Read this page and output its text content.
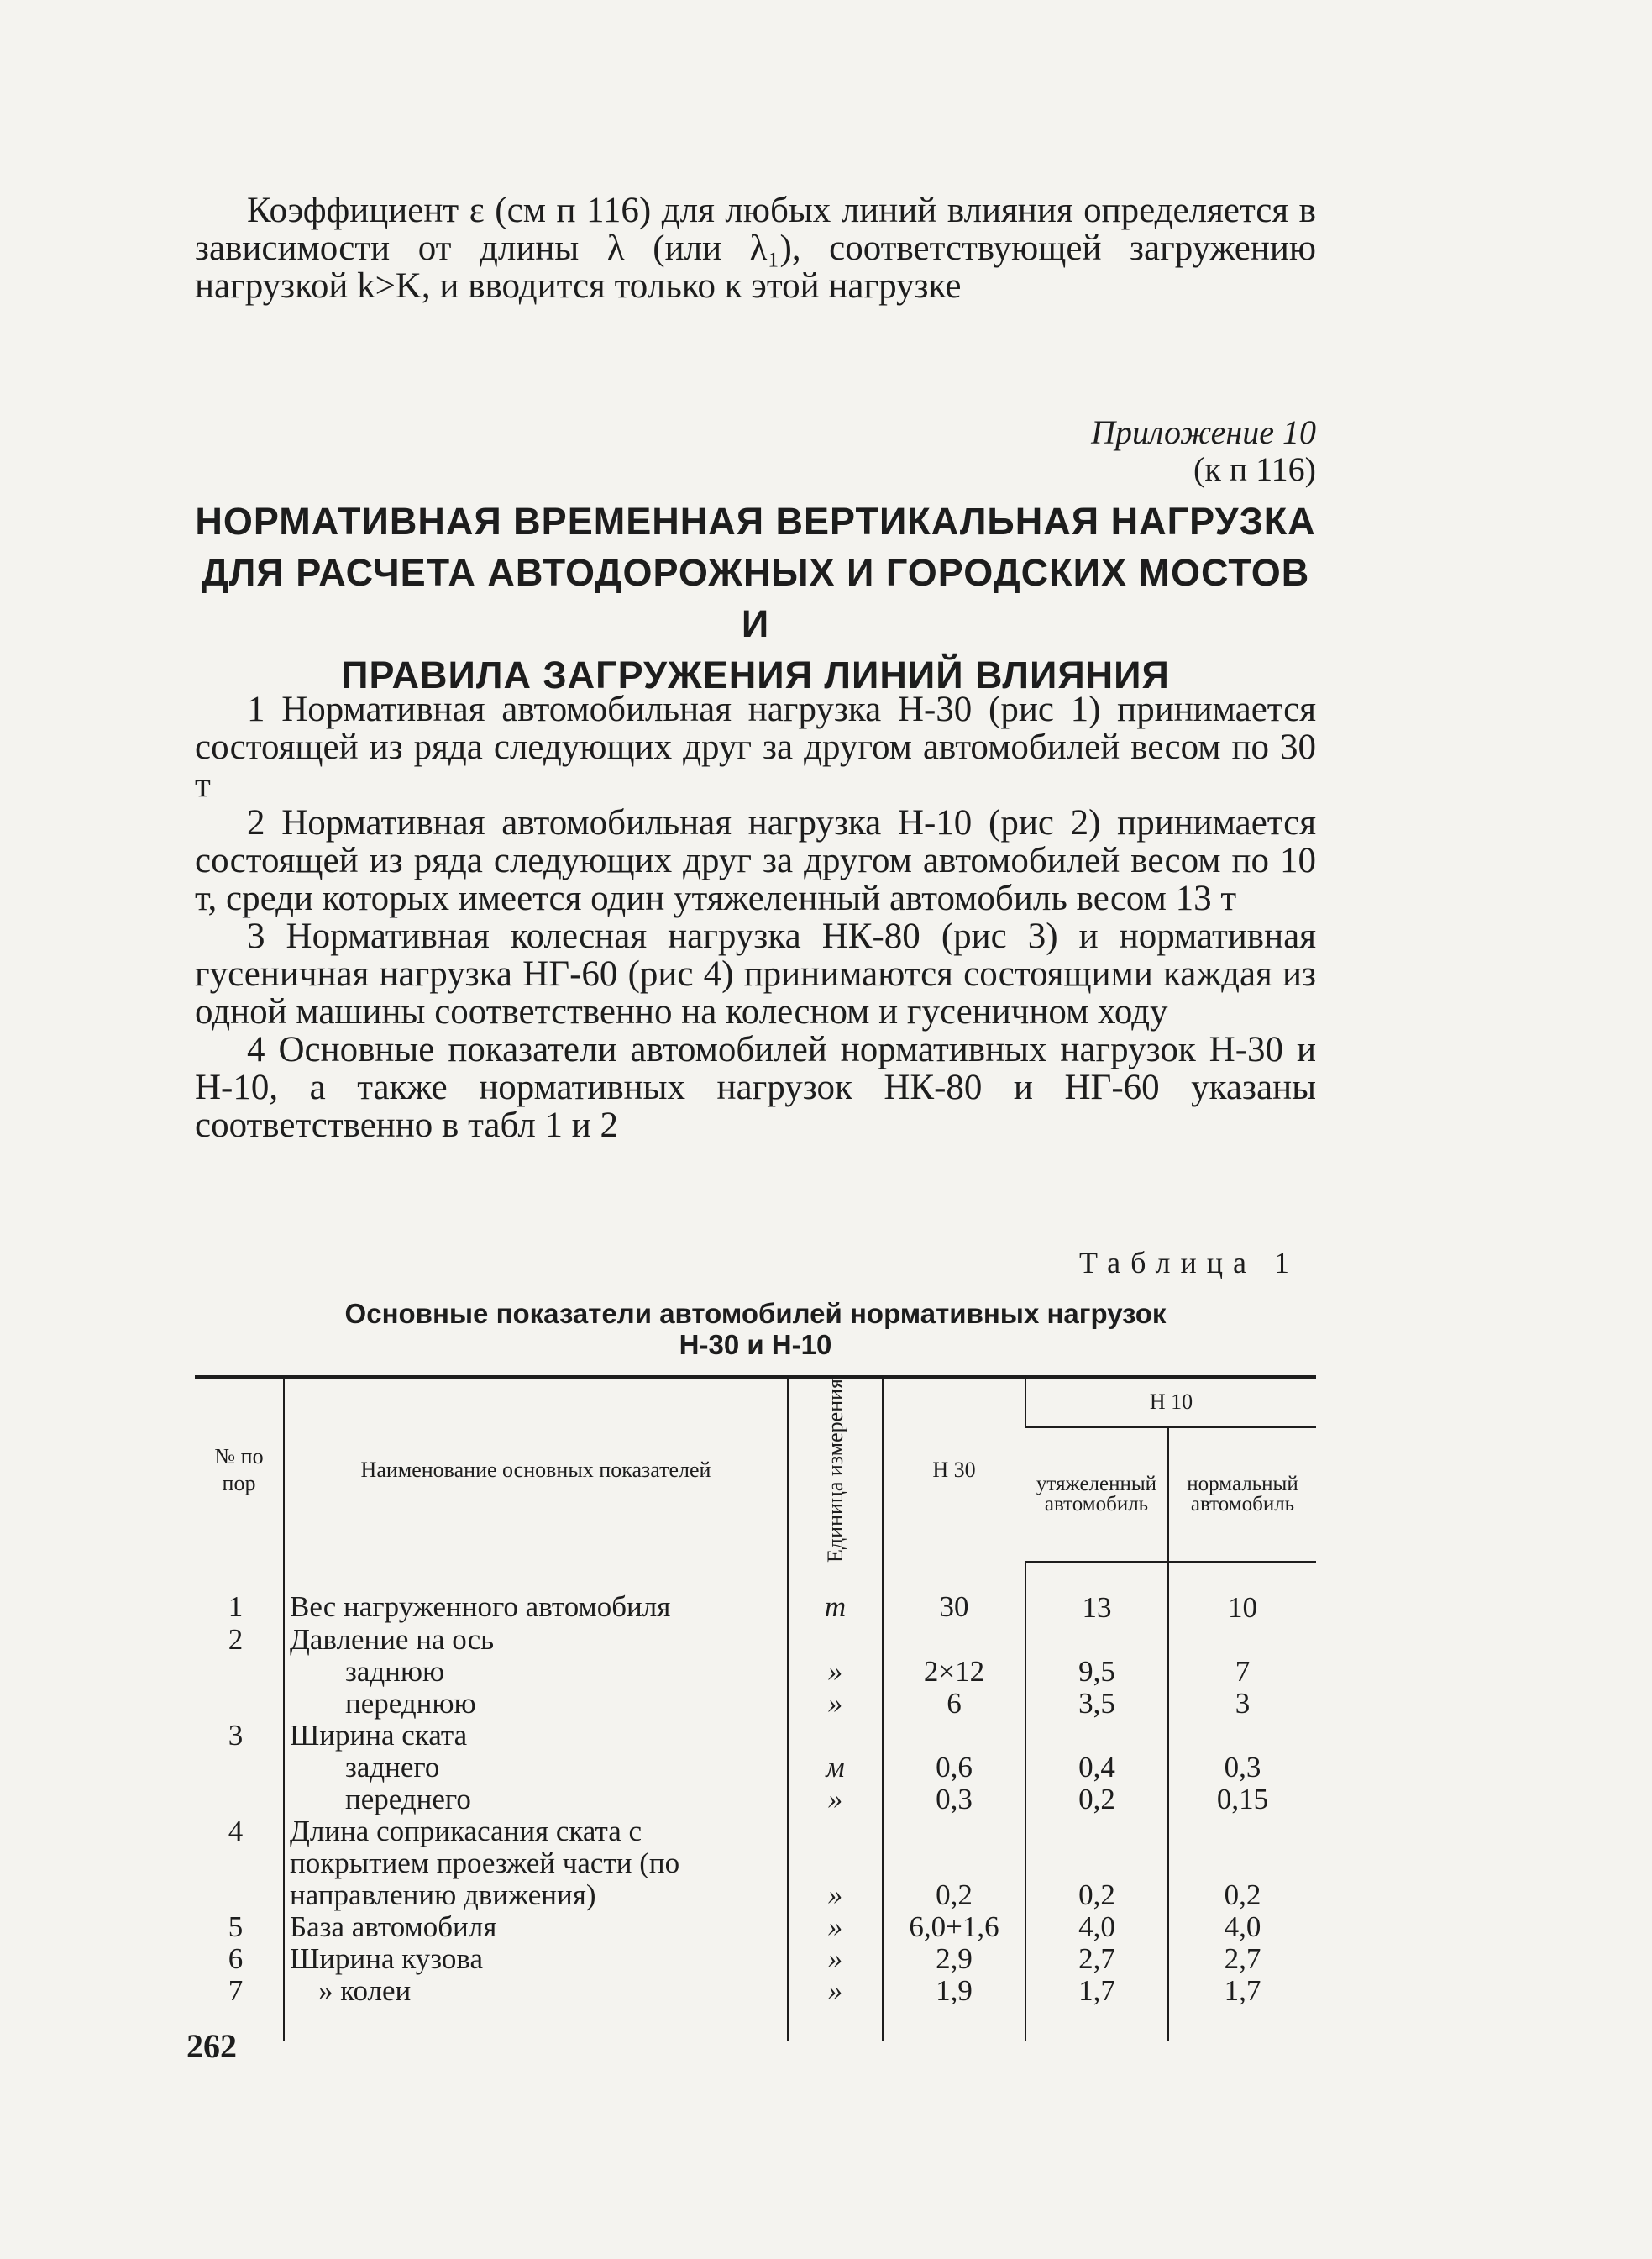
Коэффициент ε (см п 116) для любых линий влияния определяется в зависимости от длины λ (или λ₁), соответствующей загружению нагрузкой k>K, и вводится только к этой нагрузке

Приложение 10
(к п 116)
НОРМАТИВНАЯ ВРЕМЕННАЯ ВЕРТИКАЛЬНАЯ НАГРУЗКА
ДЛЯ РАСЧЕТА АВТОДОРОЖНЫХ И ГОРОДСКИХ МОСТОВ И
ПРАВИЛА ЗАГРУЖЕНИЯ ЛИНИЙ ВЛИЯНИЯ

1 Нормативная автомобильная нагрузка Н-30 (рис 1) принимается состоящей из ряда следующих друг за другом автомобилей весом по 30 т

2 Нормативная автомобильная нагрузка Н-10 (рис 2) принимается состоящей из ряда следующих друг за другом автомобилей весом по 10 т, среди которых имеется один утяжеленный автомобиль весом 13 т

3 Нормативная колесная нагрузка НК-80 (рис 3) и нормативная гусеничная нагрузка НГ-60 (рис 4) принимаются состоящими каждая из одной машины соответственно на колесном и гусеничном ходу

4 Основные показатели автомобилей нормативных нагрузок Н-30 и Н-10, а также нормативных нагрузок НК-80 и НГ-60 указаны соответственно в табл 1 и 2

Таблица 1
Основные показатели автомобилей нормативных нагрузок
Н-30 и Н-10
№ по пор	Наименование основных показателей	Единица измерения	Н 30	Н 10	
				утяжеленный автомобиль	нормальный автомобиль
1	Вес нагруженного автомобиля	т	30	13	10
2	Давление на ось				
	заднюю	»	2×12	9,5	7
	переднюю	»	6	3,5	3
3	Ширина ската				
	заднего	м	0,6	0,4	0,3
	переднего	»	0,3	0,2	0,15
4	Длина соприкасания ската с покрытием проезжей части (по направлению движения)	»	0,2	0,2	0,2
5	База автомобиля	»	6,0+1,6	4,0	4,0
6	Ширина кузова	»	2,9	2,7	2,7
7	» колеи	»	1,9	1,7	1,7
262
